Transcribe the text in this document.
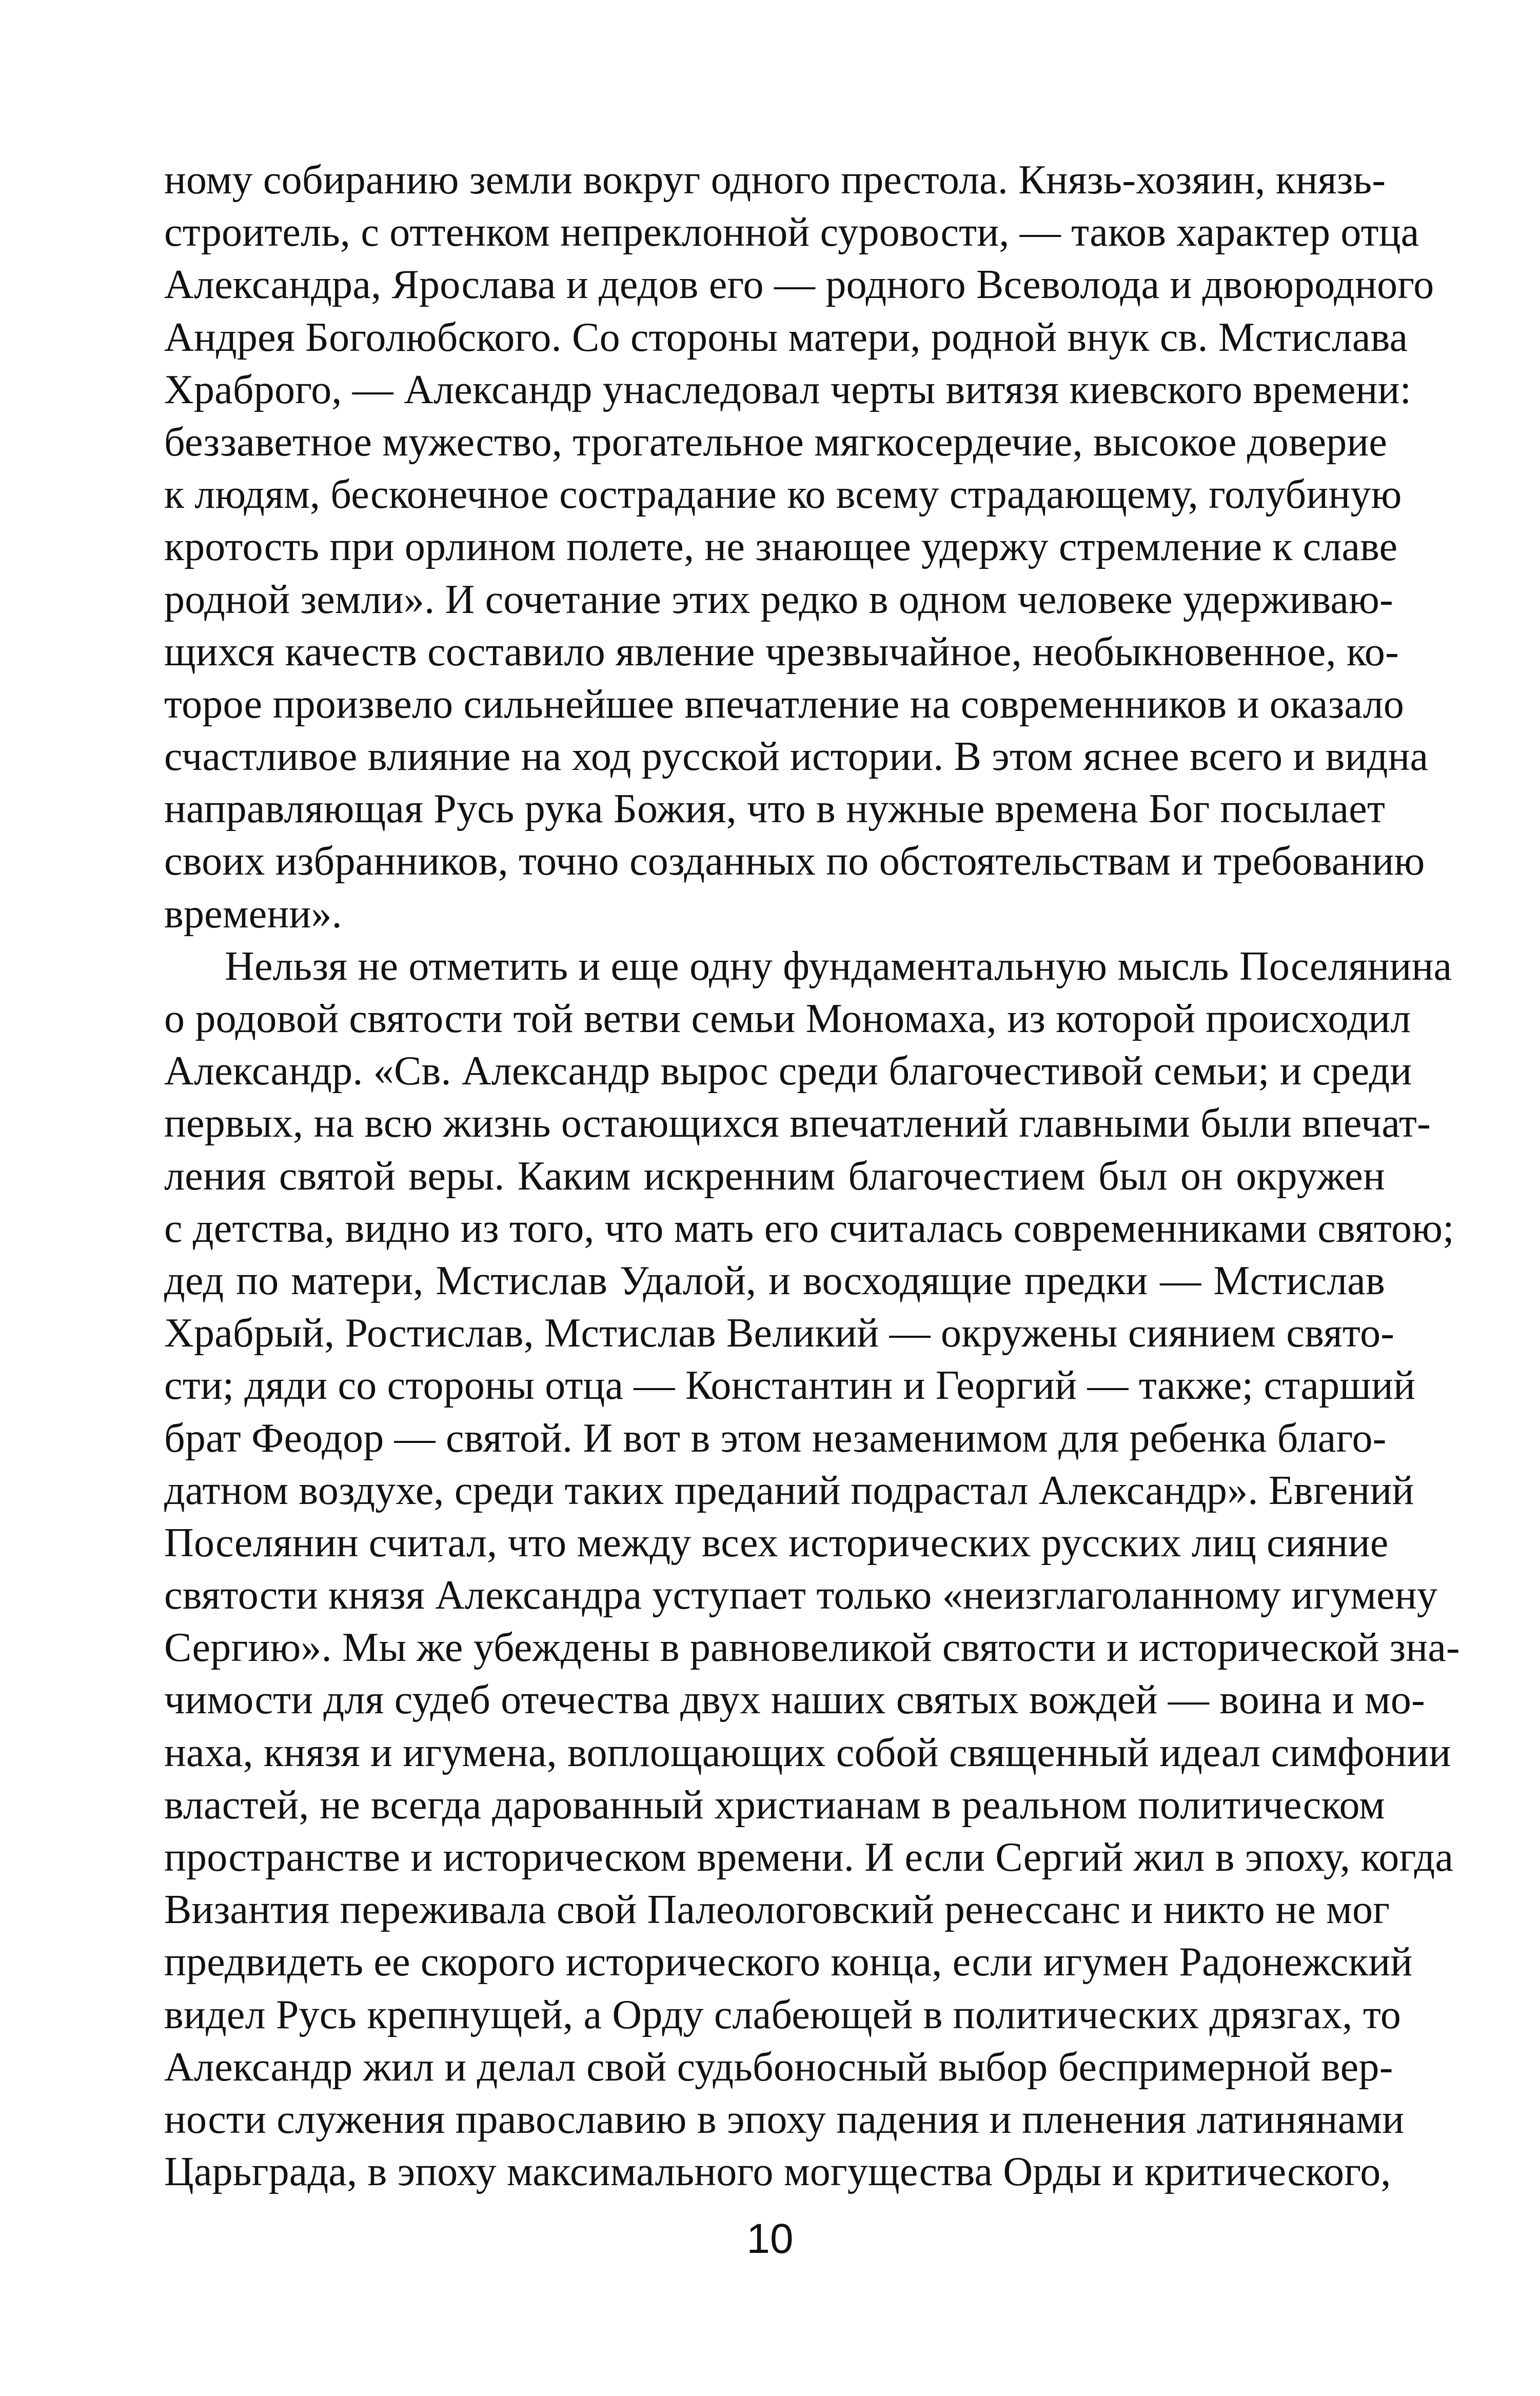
ному собиранию земли вокруг одного престола. Князь-хозяин, князь-
строитель, с оттенком непреклонной суровости, — таков характер отца
Александра, Ярослава и дедов его — родного Всеволода и двоюродного
Андрея Боголюбского. Со стороны матери, родной внук св. Мстислава
Храброго, — Александр унаследовал черты витязя киевского времени:
беззаветное мужество, трогательное мягкосердечие, высокое доверие
к людям, бесконечное сострадание ко всему страдающему, голубиную
кротость при орлином полете, не знающее удержу стремление к славе
родной земли». И сочетание этих редко в одном человеке удерживаю-
щихся качеств составило явление чрезвычайное, необыкновенное, ко-
торое произвело сильнейшее впечатление на современников и оказало
счастливое влияние на ход русской истории. В этом яснее всего и видна
направляющая Русь рука Божия, что в нужные времена Бог посылает
своих избранников, точно созданных по обстоятельствам и требованию
времени».
Нельзя не отметить и еще одну фундаментальную мысль Поселянина
о родовой святости той ветви семьи Мономаха, из которой происходил
Александр. «Св. Александр вырос среди благочестивой семьи; и среди
первых, на всю жизнь остающихся впечатлений главными были впечат-
ления святой веры. Каким искренним благочестием был он окружен
с детства, видно из того, что мать его считалась современниками святою;
дед по матери, Мстислав Удалой, и восходящие предки — Мстислав
Храбрый, Ростислав, Мстислав Великий — окружены сиянием свято-
сти; дяди со стороны отца — Константин и Георгий — также; старший
брат Феодор — святой. И вот в этом незаменимом для ребенка благо-
датном воздухе, среди таких преданий подрастал Александр». Евгений
Поселянин считал, что между всех исторических русских лиц сияние
святости князя Александра уступает только «неизглаголанному игумену
Сергию». Мы же убеждены в равновеликой святости и исторической зна-
чимости для судеб отечества двух наших святых вождей — воина и мо-
наха, князя и игумена, воплощающих собой священный идеал симфонии
властей, не всегда дарованный христианам в реальном политическом
пространстве и историческом времени. И если Сергий жил в эпоху, когда
Византия переживала свой Палеологовский ренессанс и никто не мог
предвидеть ее скорого исторического конца, если игумен Радонежский
видел Русь крепнущей, а Орду слабеющей в политических дрязгах, то
Александр жил и делал свой судьбоносный выбор беспримерной вер-
ности служения православию в эпоху падения и пленения латинянами
Царьграда, в эпоху максимального могущества Орды и критического,
10
